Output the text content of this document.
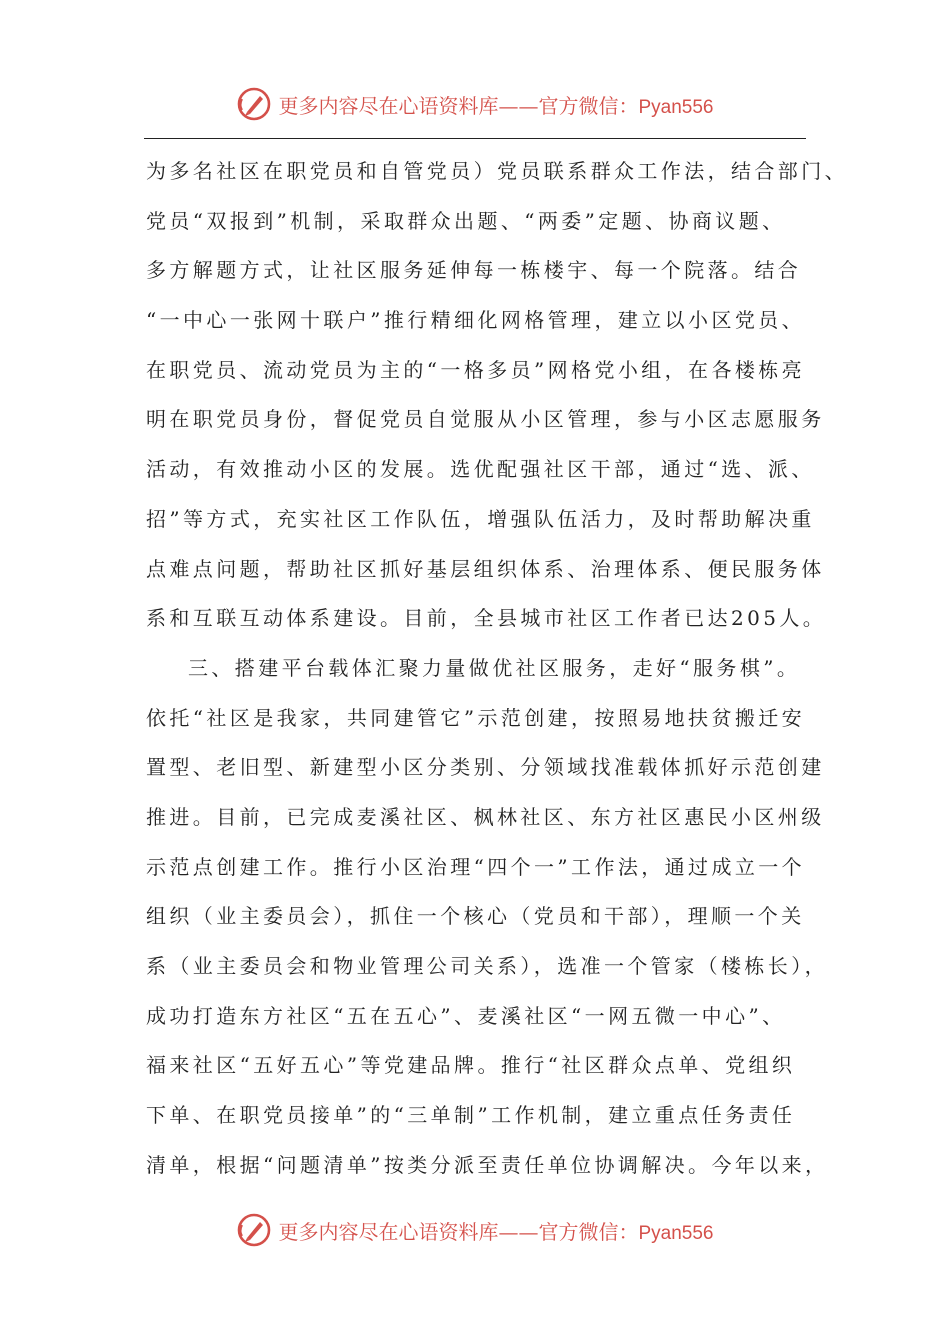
更多内容尽在心语资料库——官方微信：Pyan556
为多名社区在职党员和自管党员）党员联系群众工作法，结合部门、
党员“双报到”机制，采取群众出题、“两委”定题、协商议题、
多方解题方式，让社区服务延伸每一栋楼宇、每一个院落。结合
“一中心一张网十联户”推行精细化网格管理，建立以小区党员、
在职党员、流动党员为主的“一格多员”网格党小组，在各楼栋亮
明在职党员身份，督促党员自觉服从小区管理，参与小区志愿服务
活动，有效推动小区的发展。选优配强社区干部，通过“选、派、
招”等方式，充实社区工作队伍，增强队伍活力，及时帮助解决重
点难点问题，帮助社区抓好基层组织体系、治理体系、便民服务体
系和互联互动体系建设。目前，全县城市社区工作者已达205人。
三、搭建平台载体汇聚力量做优社区服务，走好“服务棋”。
依托“社区是我家，共同建管它”示范创建，按照易地扶贫搬迁安
置型、老旧型、新建型小区分类别、分领域找准载体抓好示范创建
推进。目前，已完成麦溪社区、枫林社区、东方社区惠民小区州级
示范点创建工作。推行小区治理“四个一”工作法，通过成立一个
组织（业主委员会），抓住一个核心（党员和干部），理顺一个关
系（业主委员会和物业管理公司关系），选准一个管家（楼栋长），
成功打造东方社区“五在五心”、麦溪社区“一网五微一中心”、
福来社区“五好五心”等党建品牌。推行“社区群众点单、党组织
下单、在职党员接单”的“三单制”工作机制，建立重点任务责任
清单，根据“问题清单”按类分派至责任单位协调解决。今年以来，
更多内容尽在心语资料库——官方微信：Pyan556
